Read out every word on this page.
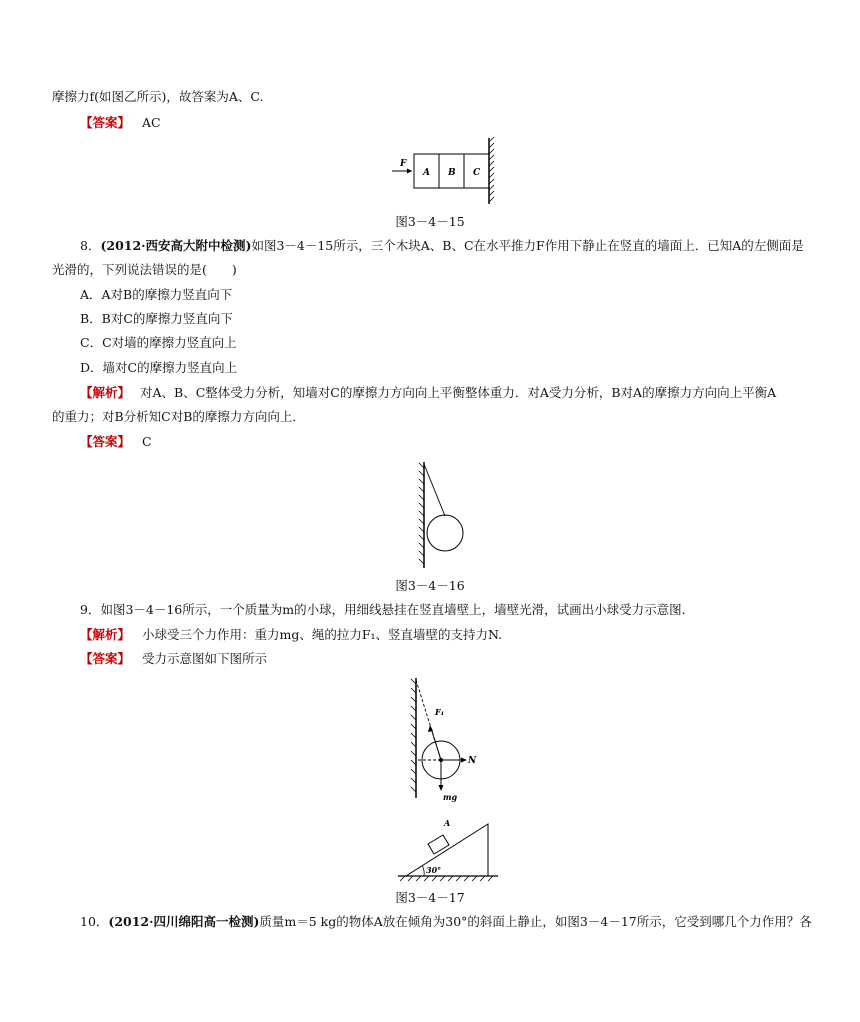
摩擦力f(如图乙所示)，故答案为A、C.
【答案】 AC
F
A B C
图3－4－15
8．(2012·西安高大附中检测)如图3－4－15所示，三个木块A、B、C在水平推力F作用下静止在竖直的墙面上．已知A的左侧面是
光滑的，下列说法错误的是(　　)
A．A对B的摩擦力竖直向下
B．B对C的摩擦力竖直向下
C．C对墙的摩擦力竖直向上
D．墙对C的摩擦力竖直向上
【解析】 对A、B、C整体受力分析，知墙对C的摩擦力方向向上平衡整体重力．对A受力分析，B对A的摩擦力方向向上平衡A
的重力；对B分析知C对B的摩擦力方向向上．
【答案】 C
图3－4－16
9．如图3－4－16所示，一个质量为m的小球，用细线悬挂在竖直墙壁上，墙壁光滑，试画出小球受力示意图．
【解析】 小球受三个力作用：重力mg、绳的拉力F₁、竖直墙壁的支持力N.
【答案】 受力示意图如下图所示
F₁
N
mg
A
30°
图3－4－17
10．(2012·四川绵阳高一检测)质量m＝5 kg的物体A放在倾角为30°的斜面上静止，如图3－4－17所示，它受到哪几个力作用？各
